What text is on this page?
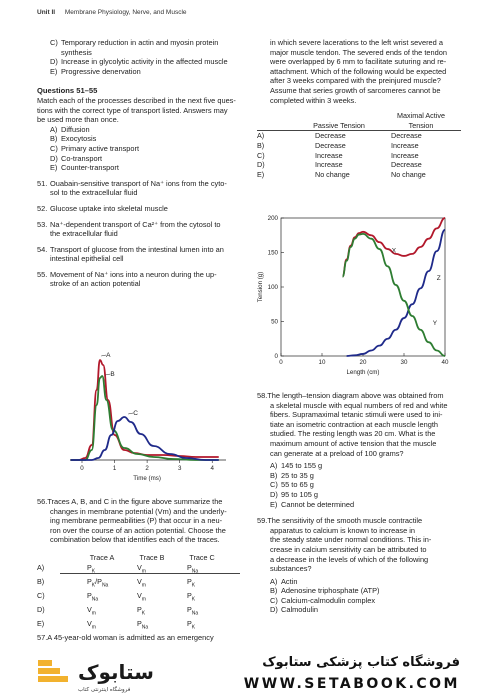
Unit II Membrane Physiology, Nerve, and Muscle
C) Temporary reduction in actin and myosin protein
synthesis
D) Increase in glycolytic activity in the affected muscle
E) Progressive denervation
Questions 51–55
Match each of the processes described in the next five ques-
tions with the correct type of transport listed. Answers may
be used more than once.
A) Diffusion
B) Exocytosis
C) Primary active transport
D) Co-transport
E) Counter-transport
51. Ouabain-sensitive transport of Na⁺ ions from the cyto-
sol to the extracellular fluid
52. Glucose uptake into skeletal muscle
53. Na⁺-dependent transport of Ca²⁺ from the cytosol to
the extracellular fluid
54. Transport of glucose from the intestinal lumen into an
intestinal epithelial cell
55. Movement of Na⁺ ions into a neuron during the up-
stroke of an action potential
0	1	2	3	4
Time (ms)
A
B
C
56.Traces A, B, and C in the figure above summarize the
changes in membrane potential (Vm) and the underly-
ing membrane permeabilities (P) that occur in a neu-
ron over the course of an action potential. Choose the
combination below that identifies each of the traces.
	Trace A	Trace B	Trace C
A)	$P_K$	$V_m$	$P_{Na}$
B)	$P_K/P_{Na}$	$V_m$	$P_K$
C)	$P_{Na}$	$V_m$	$P_K$
D)	$V_m$	$P_K$	$P_{Na}$
E)	$V_m$	$P_{Na}$	$P_K$
57.A 45-year-old woman is admitted as an emergency
in which severe lacerations to the left wrist severed a
major muscle tendon. The severed ends of the tendon
were overlapped by 6 mm to facilitate suturing and re-
attachment. Which of the following would be expected
after 3 weeks compared with the preinjured muscle?
Assume that series growth of sarcomeres cannot be
completed within 3 weeks.
		Maximal Active
	Passive Tension	Tension
A)	Decrease	Decrease
B)	Decrease	Increase
C)	Increase	Increase
D)	Increase	Decrease
E)	No change	No change
0	10	20	30	40
0
50
100
150
200
Length (cm)
Tension (g)
X
Y
Z
58.The length–tension diagram above was obtained from
a skeletal muscle with equal numbers of red and white
fibers. Supramaximal tetanic stimuli were used to ini-
tiate an isometric contraction at each muscle length
studied. The resting length was 20 cm. What is the
maximum amount of active tension that the muscle
can generate at a preload of 100 grams?
A) 145 to 155 g
B) 25 to 35 g
C) 55 to 65 g
D) 95 to 105 g
E) Cannot be determined
59.The sensitivity of the smooth muscle contractile
apparatus to calcium is known to increase in
the steady state under normal conditions. This in-
crease in calcium sensitivity can be attributed to
a decrease in the levels of which of the following
substances?
A) Actin
B) Adenosine triphosphate (ATP)
C) Calcium-calmodulin complex
D) Calmodulin
ستابوک
فروشگاه اینترنتی کتاب
فروشگاه کتاب پزشکی ستابوک
WWW.SETABOOK.COM
